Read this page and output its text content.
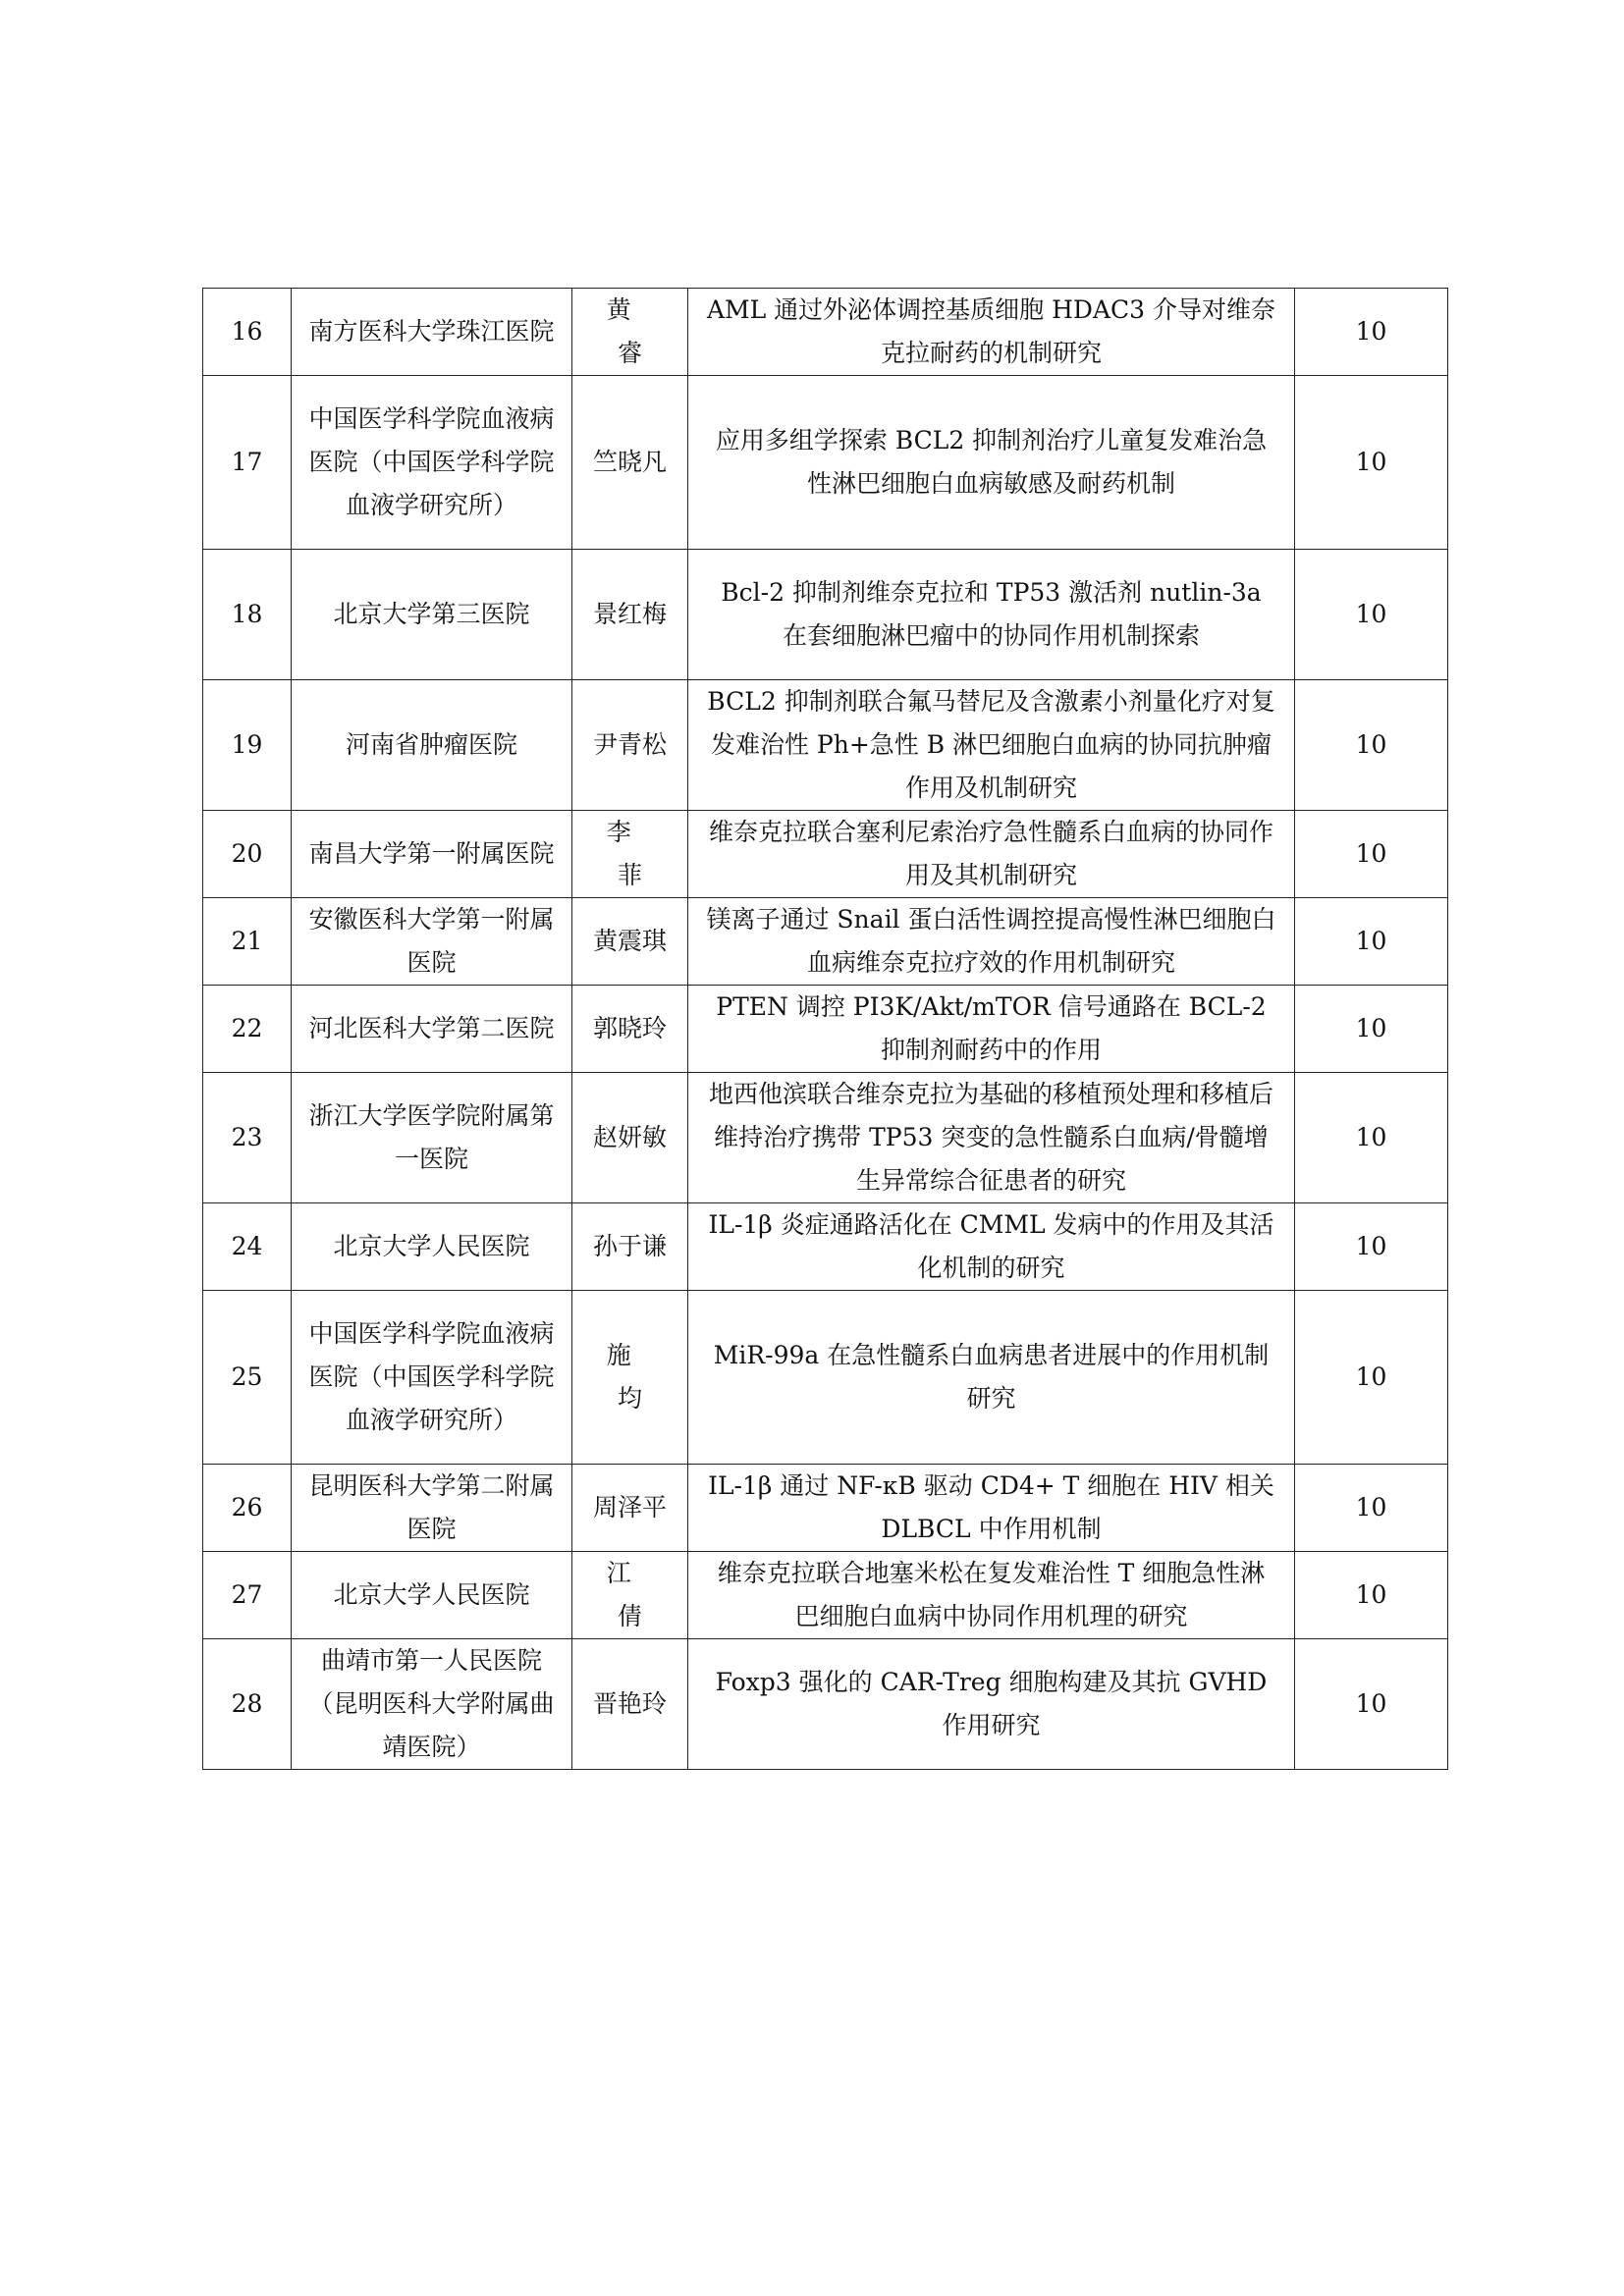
16	南方医科大学珠江医院	黄　睿	AML 通过外泌体调控基质细胞 HDAC3 介导对维奈克拉耐药的机制研究	10
17	中国医学科学院血液病医院（中国医学科学院血液学研究所）	竺晓凡	应用多组学探索 BCL2 抑制剂治疗儿童复发难治急性淋巴细胞白血病敏感及耐药机制	10
18	北京大学第三医院	景红梅	Bcl-2 抑制剂维奈克拉和 TP53 激活剂 nutlin-3a 在套细胞淋巴瘤中的协同作用机制探索	10
19	河南省肿瘤医院	尹青松	BCL2 抑制剂联合氟马替尼及含激素小剂量化疗对复发难治性 Ph+急性 B 淋巴细胞白血病的协同抗肿瘤作用及机制研究	10
20	南昌大学第一附属医院	李　菲	维奈克拉联合塞利尼索治疗急性髓系白血病的协同作用及其机制研究	10
21	安徽医科大学第一附属医院	黄震琪	镁离子通过 Snail 蛋白活性调控提高慢性淋巴细胞白血病维奈克拉疗效的作用机制研究	10
22	河北医科大学第二医院	郭晓玲	PTEN 调控 PI3K/Akt/mTOR 信号通路在 BCL-2 抑制剂耐药中的作用	10
23	浙江大学医学院附属第一医院	赵妍敏	地西他滨联合维奈克拉为基础的移植预处理和移植后维持治疗携带 TP53 突变的急性髓系白血病/骨髓增生异常综合征患者的研究	10
24	北京大学人民医院	孙于谦	IL-1β 炎症通路活化在 CMML 发病中的作用及其活化机制的研究	10
25	中国医学科学院血液病医院（中国医学科学院血液学研究所）	施　均	MiR-99a 在急性髓系白血病患者进展中的作用机制研究	10
26	昆明医科大学第二附属医院	周泽平	IL-1β 通过 NF-κB 驱动 CD4+ T 细胞在 HIV 相关 DLBCL 中作用机制	10
27	北京大学人民医院	江　倩	维奈克拉联合地塞米松在复发难治性 T 细胞急性淋巴细胞白血病中协同作用机理的研究	10
28	曲靖市第一人民医院（昆明医科大学附属曲靖医院）	晋艳玲	Foxp3 强化的 CAR-Treg 细胞构建及其抗 GVHD 作用研究	10
